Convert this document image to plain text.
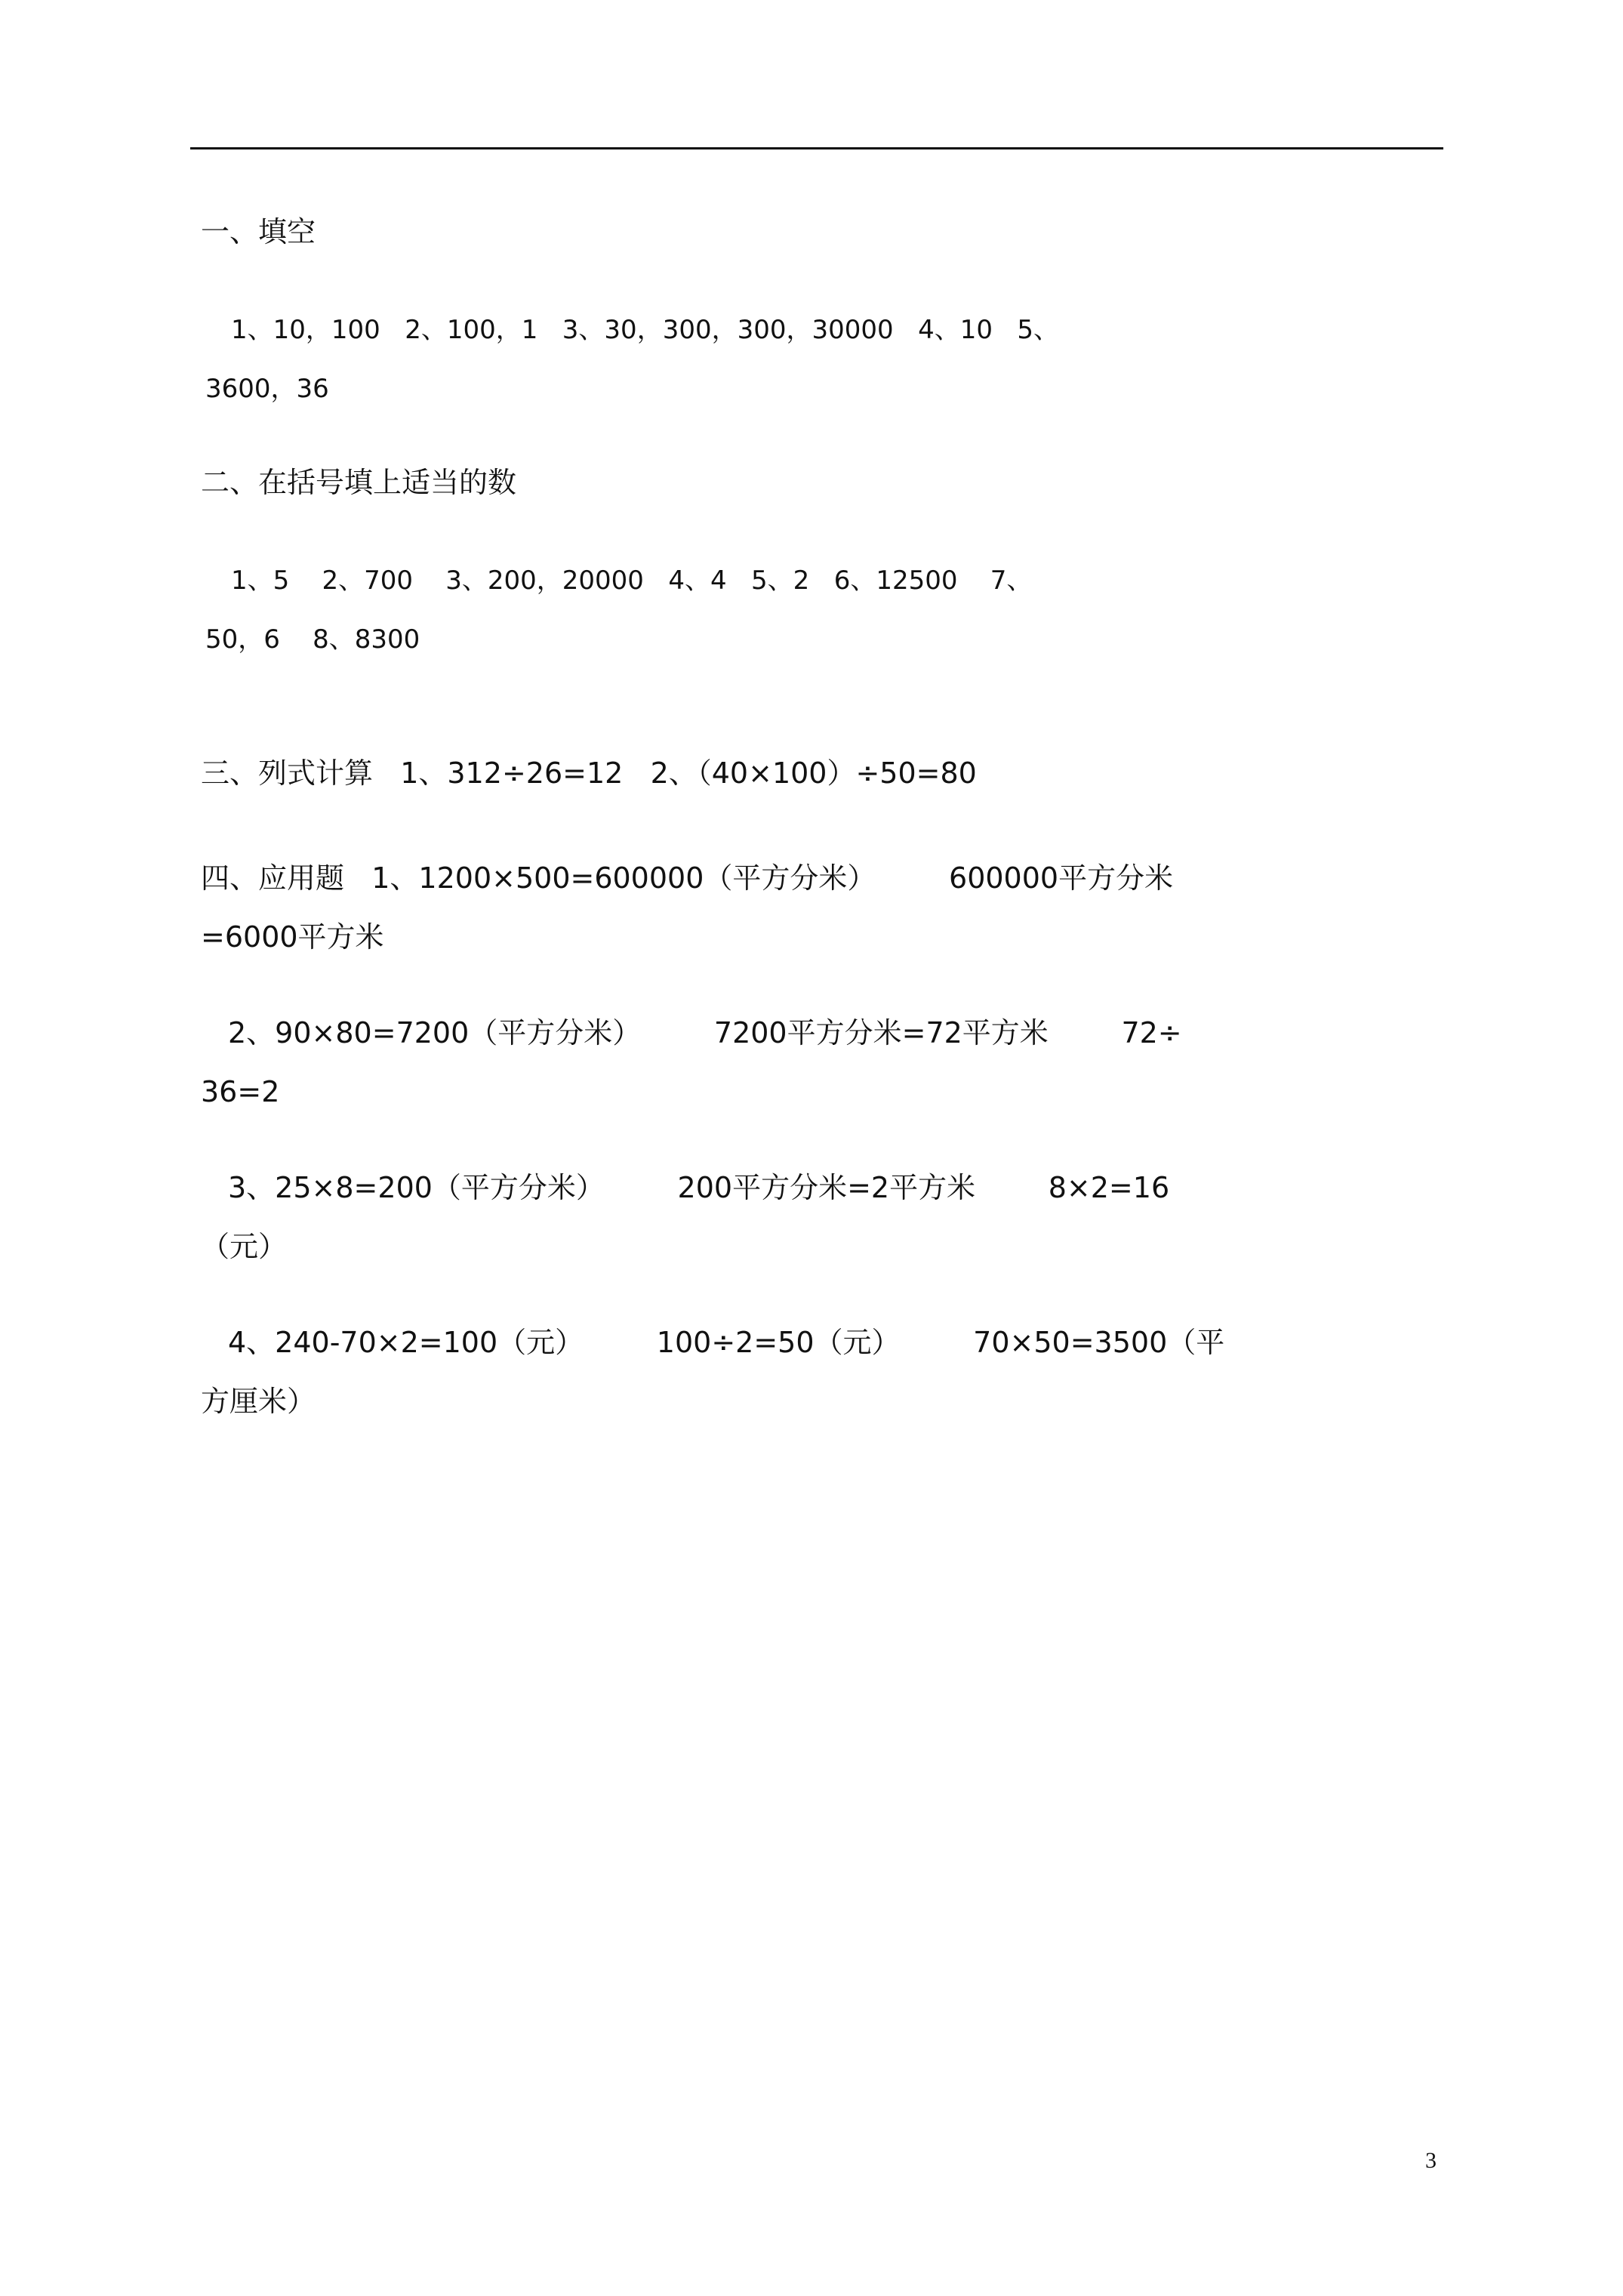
一、填空
1、10，100   2、100，1   3、30，300，300，30000   4、10   5、
3600，36
二、在括号填上适当的数
1、5    2、700    3、200，20000   4、4   5、2   6、12500    7、
50，6    8、8300
三、列式计算   1、312÷26=12   2、（40×100）÷50=80
四、应用题   1、1200×500=600000（平方分米）        600000平方分米
=6000平方米
2、90×80=7200（平方分米）        7200平方分米=72平方米        72÷
36=2
3、25×8=200（平方分米）        200平方分米=2平方米        8×2=16
（元）
4、240-70×2=100（元）        100÷2=50（元）        70×50=3500（平
方厘米）
3
